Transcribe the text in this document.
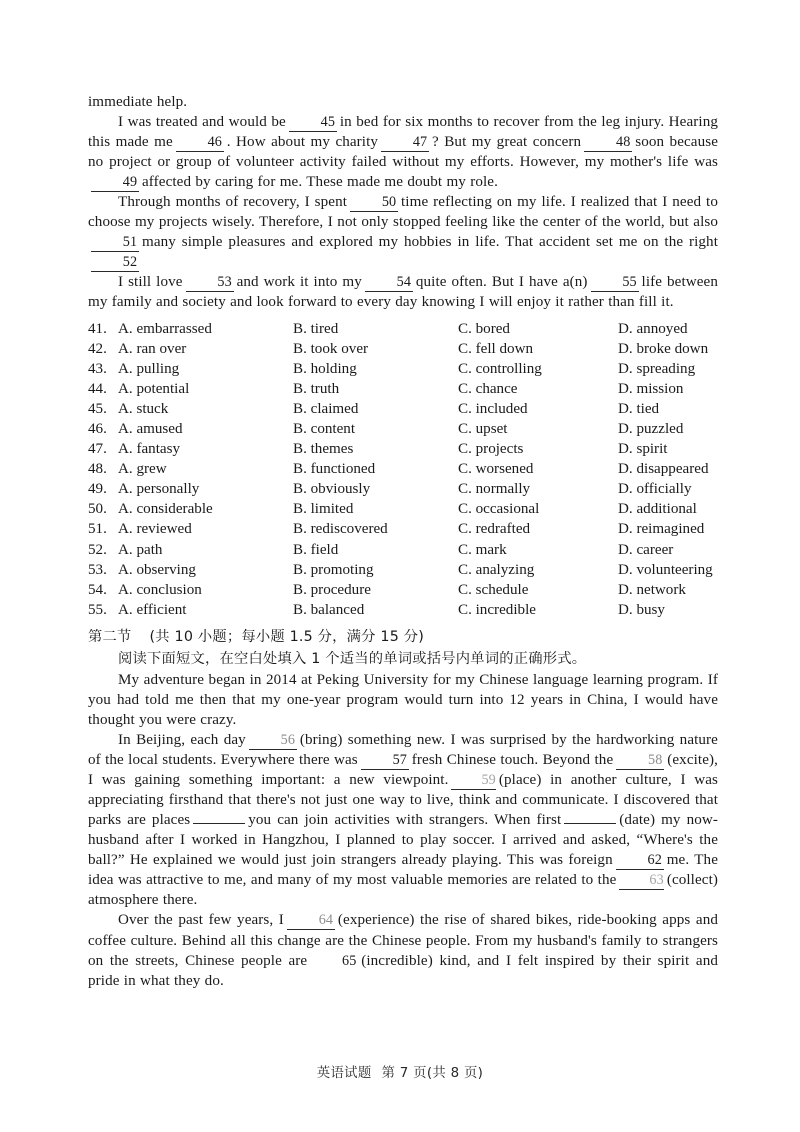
immediate help.

I was treated and would be 45 in bed for six months to recover from the leg injury. Hearing this made me 46 . How about my charity 47 ? But my great concern 48 soon because no project or group of volunteer activity failed without my efforts. However, my mother's life was49 affected by caring for me. These made me doubt my role.

Through months of recovery, I spent 50 time reflecting on my life. I realized that I need to choose my projects wisely. Therefore, I not only stopped feeling like the center of the world, but also51 many simple pleasures and explored my hobbies in life. That accident set me on the right52

I still love 53 and work it into my 54 quite often. But I have a(n) 55 life between my family and society and look forward to every day knowing I will enjoy it rather than fill it.

41. A. embarrassed	B. tired	C. bored	D. annoyed
42. A. ran over	B. took over	C. fell down	D. broke down
43. A. pulling	B. holding	C. controlling	D. spreading
44. A. potential	B. truth	C. chance	D. mission
45. A. stuck	B. claimed	C. included	D. tied
46. A. amused	B. content	C. upset	D. puzzled
47. A. fantasy	B. themes	C. projects	D. spirit
48. A. grew	B. functioned	C. worsened	D. disappeared
49. A. personally	B. obviously	C. normally	D. officially
50. A. considerable	B. limited	C. occasional	D. additional
51. A. reviewed	B. rediscovered	C. redrafted	D. reimagined
52. A. path	B. field	C. mark	D. career
53. A. observing	B. promoting	C. analyzing	D. volunteering
54. A. conclusion	B. procedure	C. schedule	D. network
55. A. efficient	B. balanced	C. incredible	D. busy

第二节 (共 10 小题；每小题 1.5 分，满分 15 分)

阅读下面短文，在空白处填入 1 个适当的单词或括号内单词的正确形式。

My adventure began in 2014 at Peking University for my Chinese language learning program. If you had told me then that my one-year program would turn into 12 years in China, I would have thought you were crazy.

In Beijing, each day 56 (bring) something new. I was surprised by the hardworking nature of the local students. Everywhere there was 57 fresh Chinese touch. Beyond the 58 (excite), I was gaining something important: a new viewpoint. 59 (place) in another culture, I was appreciating firsthand that there's not just one way to live, think and communicate. I discovered that parks are places	you can join activities with strangers. When first	(date) my now-husband after I worked in Hangzhou, I planned to play soccer. I arrived and asked, “Where's the ball?” He explained we would just join strangers already playing. This was foreign 62 me. The idea was attractive to me, and many of my most valuable memories are related to the 63 (collect) atmosphere there.

Over the past few years, I 64 (experience) the rise of shared bikes, ride-booking apps and coffee culture. Behind all this change are the Chinese people. From my husband's family to strangers on the streets, Chinese people are 65 (incredible) kind, and I felt inspired by their spirit and pride in what they do.

英语试题 第 7 页(共 8 页)
